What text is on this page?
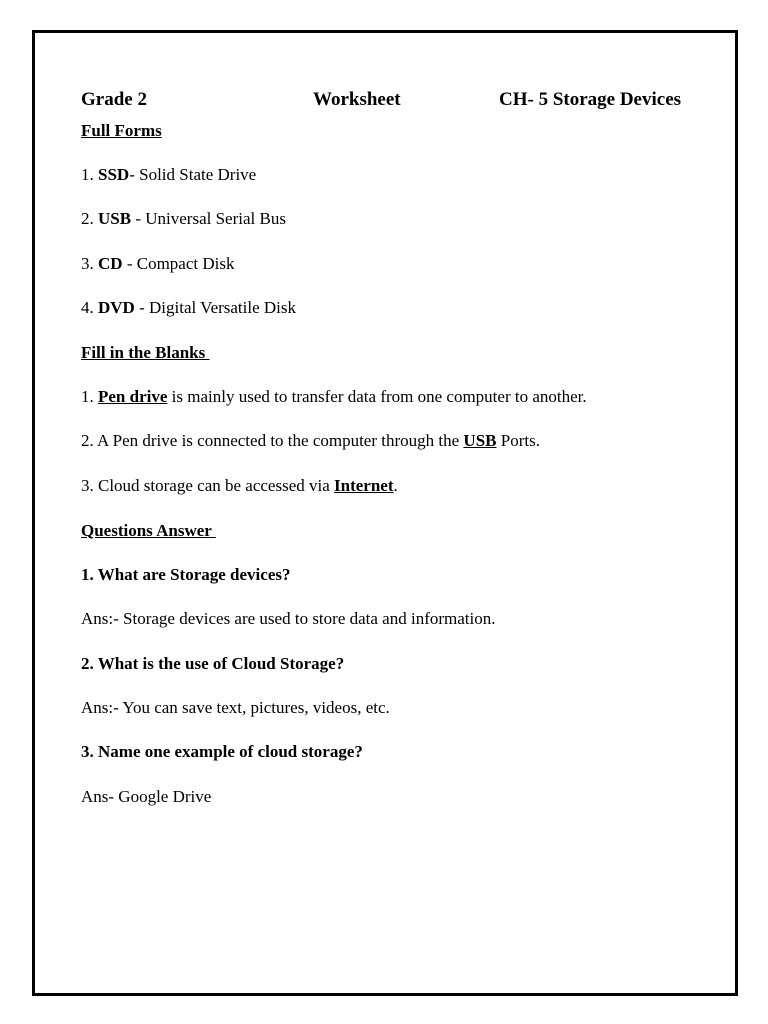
Grade 2	Worksheet	CH- 5 Storage Devices
Full Forms
1. SSD- Solid State Drive
2. USB - Universal Serial Bus
3. CD - Compact Disk
4. DVD - Digital Versatile Disk
Fill in the Blanks
1. Pen drive is mainly used to transfer data from one computer to another.
2. A Pen drive is connected to the computer through the USB Ports.
3. Cloud storage can be accessed via Internet.
Questions Answer
1. What are Storage devices?
Ans:- Storage devices are used to store data and information.
2. What is the use of Cloud Storage?
Ans:- You can save text, pictures, videos, etc.
3. Name one example of cloud storage?
Ans- Google Drive
